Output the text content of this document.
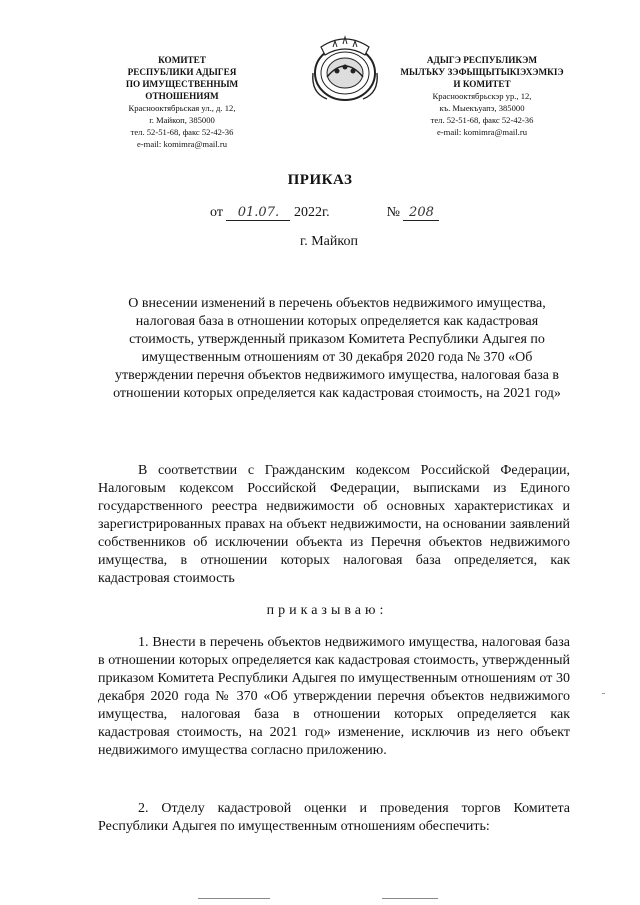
КОМИТЕТ
РЕСПУБЛИКИ АДЫГЕЯ
ПО ИМУЩЕСТВЕННЫМ ОТНОШЕНИЯМ
Краснооктябрьская ул., д. 12,
г. Майкоп, 385000
тел. 52-51-68, факс 52-42-36
e-mail: komimra@mail.ru
АДЫГЭ РЕСПУБЛИКЭМ
МЫЛЪКУ ЗЭФЫЩЫТЫКІЭХЭМКІЭ
И КОМИТЕТ
Краснооктябрьскэр ур., 12,
къ. Мыекъуапэ, 385000
тел. 52-51-68, факс 52-42-36
e-mail: komimra@mail.ru
ПРИКАЗ
от 01.07. 2022г.	№ 208
г. Майкоп
О внесении изменений в перечень объектов недвижимого имущества, налоговая база в отношении которых определяется как кадастровая стоимость, утвержденный приказом Комитета Республики Адыгея по имущественным отношениям от 30 декабря 2020 года № 370 «Об утверждении перечня объектов недвижимого имущества, налоговая база в отношении которых определяется как кадастровая стоимость, на 2021 год»
В соответствии с Гражданским кодексом Российской Федерации, Налоговым кодексом Российской Федерации, выписками из Единого государственного реестра недвижимости об основных характеристиках и зарегистрированных правах на объект недвижимости, на основании заявлений собственников об исключении объекта из Перечня объектов недвижимого имущества, в отношении которых налоговая база определяется, как кадастровая стоимость
приказываю:
1. Внести в перечень объектов недвижимого имущества, налоговая база в отношении которых определяется как кадастровая стоимость, утвержденный приказом Комитета Республики Адыгея по имущественным отношениям от 30 декабря 2020 года № 370 «Об утверждении перечня объектов недвижимого имущества, налоговая база в отношении которых определяется как кадастровая стоимость, на 2021 год» изменение, исключив из него объект недвижимого имущества согласно приложению.
2. Отделу кадастровой оценки и проведения торгов Комитета Республики Адыгея по имущественным отношениям обеспечить:
